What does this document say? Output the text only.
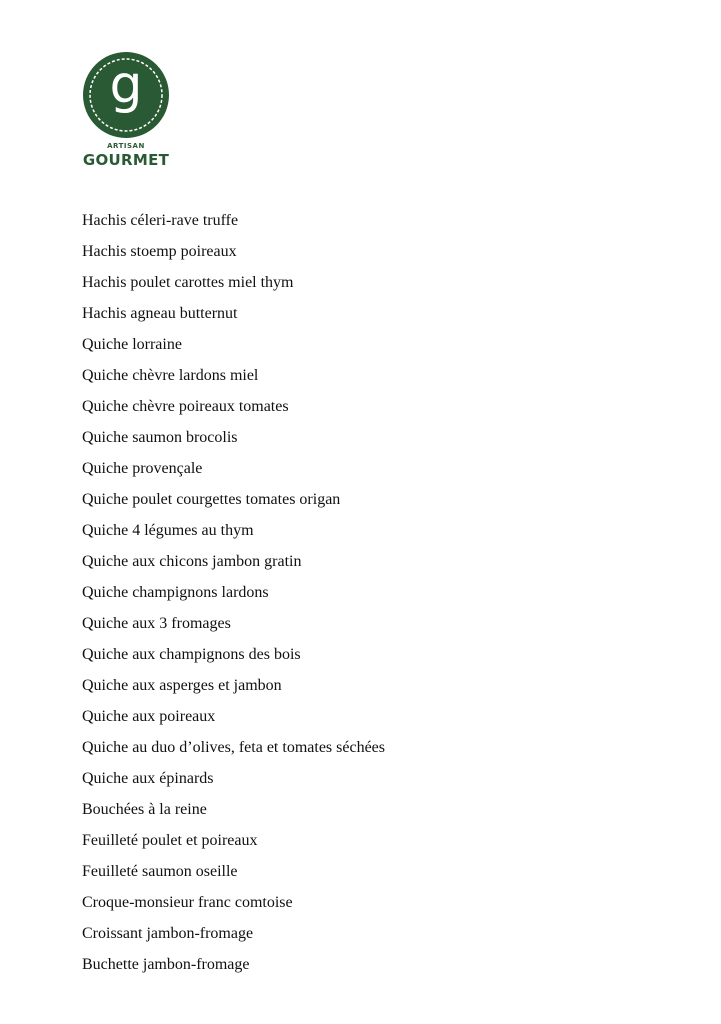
g
ARTISAN
GOURMET
Hachis céleri-rave truffe
Hachis stoemp poireaux
Hachis poulet carottes miel thym
Hachis agneau butternut
Quiche lorraine
Quiche chèvre lardons miel
Quiche chèvre poireaux tomates
Quiche saumon brocolis
Quiche provençale
Quiche poulet courgettes tomates origan
Quiche 4 légumes au thym
Quiche aux chicons jambon gratin
Quiche champignons lardons
Quiche aux 3 fromages
Quiche aux champignons des bois
Quiche aux asperges et jambon
Quiche aux poireaux
Quiche au duo d’olives, feta et tomates séchées
Quiche aux épinards
Bouchées à la reine
Feuilleté poulet et poireaux
Feuilleté saumon oseille
Croque-monsieur franc comtoise
Croissant jambon-fromage
Buchette jambon-fromage
